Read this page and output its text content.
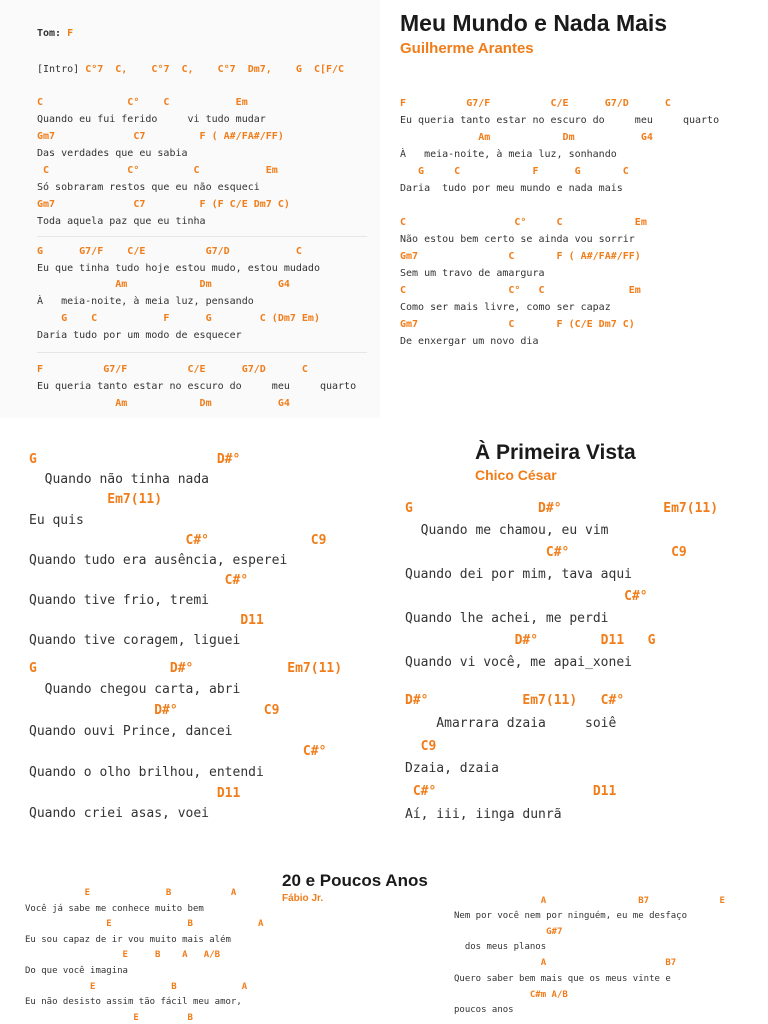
Tom: F
[Intro] C°7  C,    C°7  C,    C°7  Dm7,    G  C[F/C
C              C°    C           Em
Quando eu fui ferido     vi tudo mudar
Gm7             C7         F ( A#/FA#/FF)
Das verdades que eu sabia
C             C°         C           Em
Só sobraram restos que eu não esqueci
Gm7             C7         F (F C/E Dm7 C)
Toda aquela paz que eu tinha
G      G7/F    C/E          G7/D           C
Eu que tinha tudo hoje estou mudo, estou mudado
Am            Dm           G4
À   meia-noite, à meia luz, pensando
G    C           F      G        C (Dm7 Em)
Daria tudo por um modo de esquecer
F          G7/F          C/E      G7/D      C
Eu queria tanto estar no escuro do     meu     quarto
Am            Dm           G4
Meu Mundo e Nada Mais
Guilherme Arantes
F          G7/F          C/E      G7/D      C
Eu queria tanto estar no escuro do     meu     quarto
Am            Dm           G4
À   meia-noite, à meia luz, sonhando
G     C            F      G       C
Daria  tudo por meu mundo e nada mais
C                  C°     C            Em
Não estou bem certo se ainda vou sorrir
Gm7               C       F ( A#/FA#/FF)
Sem um travo de amargura
C                 C°   C              Em
Como ser mais livre, como ser capaz
Gm7               C       F (C/E Dm7 C)
De enxergar um novo dia
G                       D#°
Quando não tinha nada
Em7(11)
Eu quis
C#°             C9
Quando tudo era ausência, esperei
C#°
Quando tive frio, tremi
D11
Quando tive coragem, liguei
G                 D#°            Em7(11)
Quando chegou carta, abri
D#°           C9
Quando ouvi Prince, dancei
C#°
Quando o olho brilhou, entendi
D11
Quando criei asas, voei
À Primeira Vista
Chico César
G                D#°             Em7(11)
Quando me chamou, eu vim
C#°             C9
Quando dei por mim, tava aqui
C#°
Quando lhe achei, me perdi
D#°        D11   G
Quando vi você, me apai_xonei
D#°            Em7(11)   C#°
Amarrara dzaia     soiê
C9
Dzaia, dzaia
C#°                    D11
Aí, iii, iinga dunrã
20 e Poucos Anos
Fábio Jr.
E              B           A
Você já sabe me conhece muito bem
E              B            A
Eu sou capaz de ir vou muito mais além
E     B    A   A/B
Do que você imagina
E              B            A
Eu não desisto assim tão fácil meu amor,
E         B
A                 B7             E
Nem por você nem por ninguém, eu me desfaço
G#7
dos meus planos
A                      B7
Quero saber bem mais que os meus vinte e
C#m A/B
poucos anos
